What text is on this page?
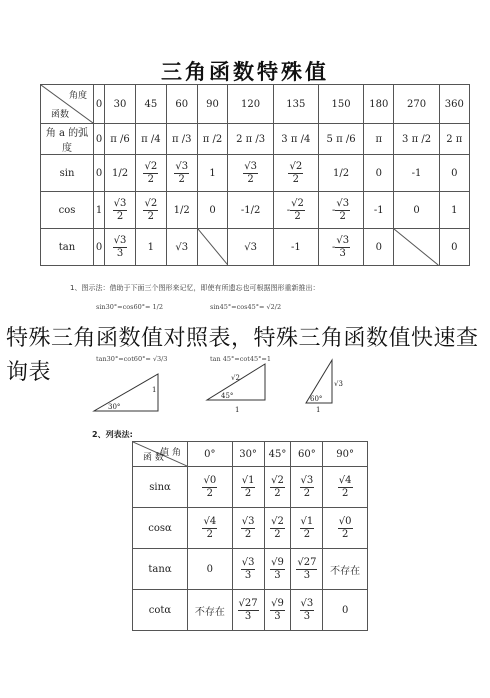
三角函数特殊值
角度
函数	0	30	45	60	90	120	135	150	180	270	360
角 a 的弧度	0	π /6	π /4	π /3	π /2	2 π /3	3 π /4	5 π /6	π	3 π /2	2 π
sin	0	1/2	$\frac{√2}{2}$	$\frac{√3}{2}$	1	$\frac{√3}{2}$	$\frac{√2}{2}$	1/2	0	-1	0
cos	1	$\frac{√3}{2}$	$\frac{√2}{2}$	1/2	0	-1/2	- $\frac{√2}{2}$	- $\frac{√3}{2}$	-1	0	1
tan	0	$\frac{√3}{3}$	1	√3		√3	-1	- $\frac{√3}{3}$	0		0
1、图示法：借助于下面三个图形来记忆，即使有所遗忘也可根据图形重新推出：
sin30°=cos60°= 1/2	sin45°=cos45°= √2/2
tan30°=cot60°= √3/3	tan 45°=cot45°=1
30°
1
45°
1
√2
60°
√3
1
特殊三角函数值对照表，特殊三角函数值快速查询表
2、列表法:
值 角
函 数	0°	30°	45°	60°	90°
sinα	$\frac{√0}{2}$	$\frac{√1}{2}$	$\frac{√2}{2}$	$\frac{√3}{2}$	$\frac{√4}{2}$

cosα	$\frac{√4}{2}$	$\frac{√3}{2}$	$\frac{√2}{2}$	$\frac{√1}{2}$	$\frac{√0}{2}$

tanα	0	$\frac{√3}{3}$	$\frac{√9}{3}$	$\frac{√27}{3}$	不存在
cotα	不存在	$\frac{√27}{3}$	$\frac{√9}{3}$	$\frac{√3}{3}$	0
